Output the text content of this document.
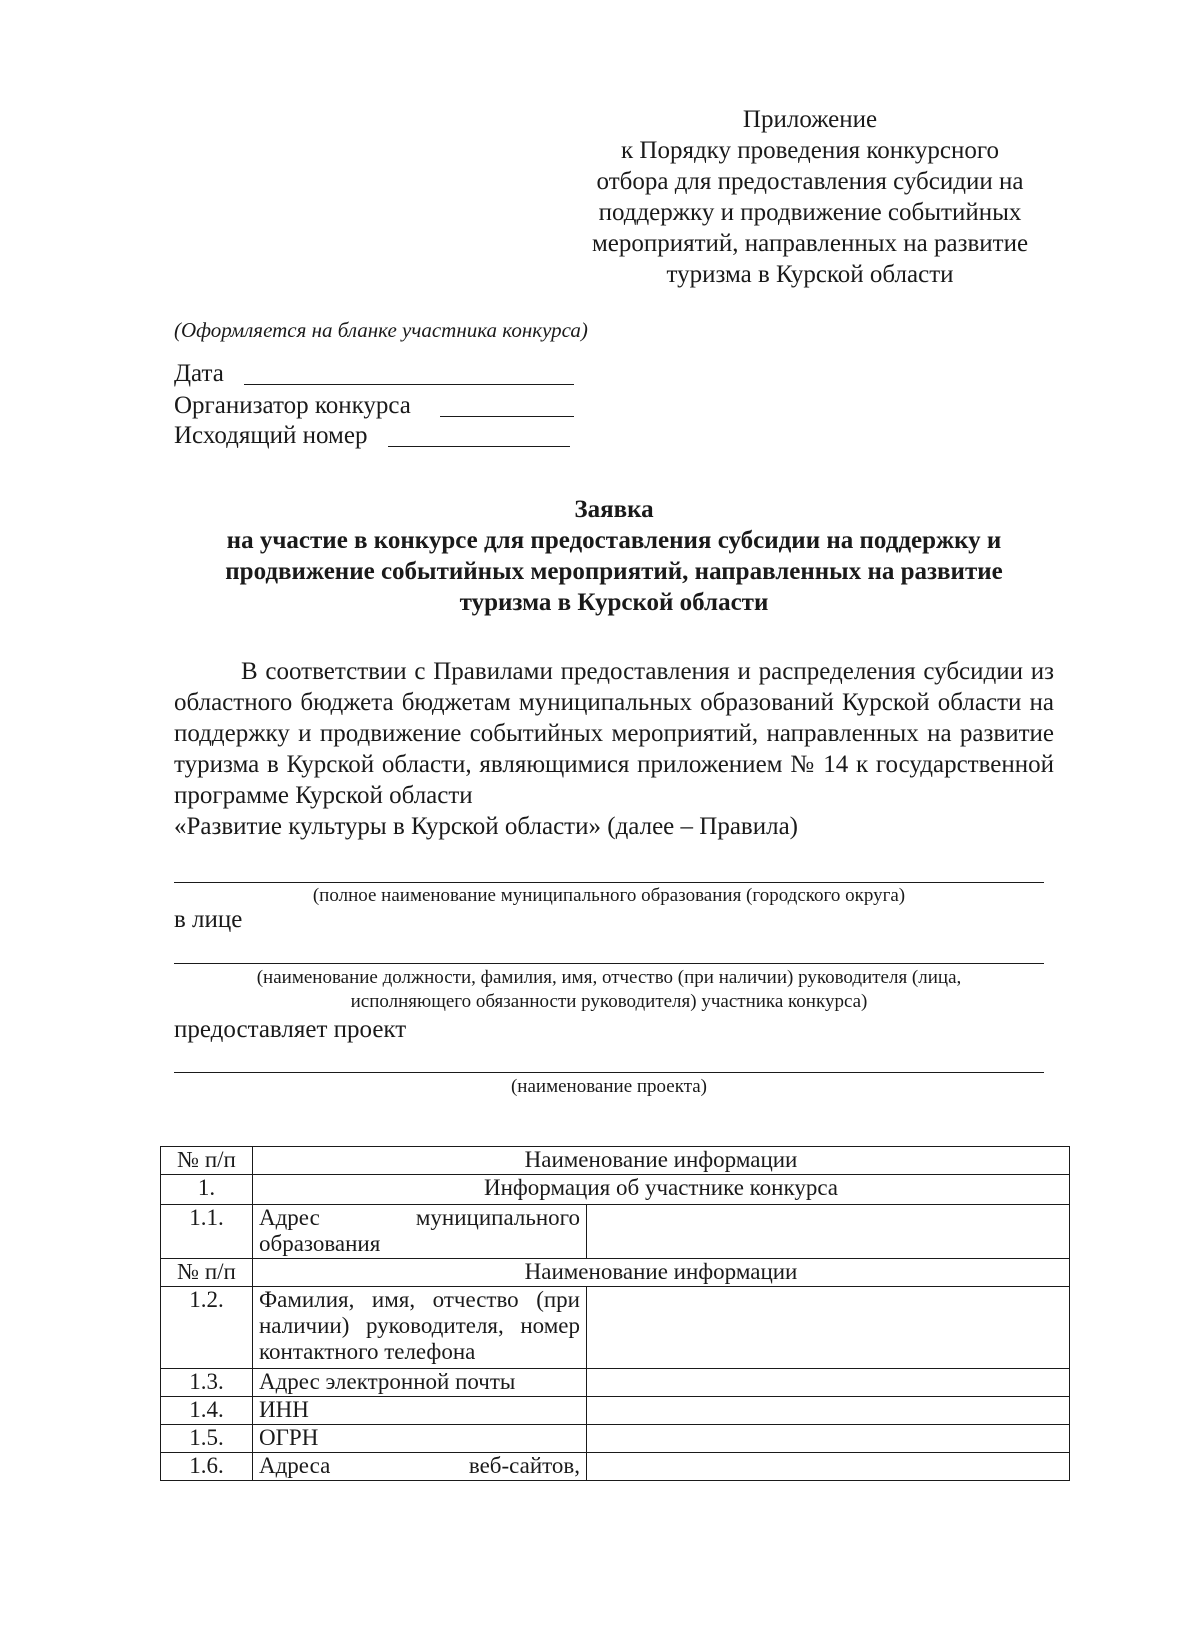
Приложение
к Порядку проведения конкурсного
отбора для предоставления субсидии на
поддержку и продвижение событийных
мероприятий, направленных на развитие
туризма в Курской области
(Оформляется на бланке участника конкурса)
Дата
Организатор конкурса
Исходящий номер
Заявка
на участие в конкурсе для предоставления субсидии на поддержку и
продвижение событийных мероприятий, направленных на развитие
туризма в Курской области
В соответствии с Правилами предоставления и распределения субсидии из областного бюджета бюджетам муниципальных образований Курской области на поддержку и продвижение событийных мероприятий, направленных на развитие туризма в Курской области, являющимися приложением № 14 к государственной программе Курской области
«Развитие культуры в Курской области» (далее – Правила)
(полное наименование муниципального образования (городского округа)
в лице
(наименование должности, фамилия, имя, отчество (при наличии) руководителя (лица,
исполняющего обязанности руководителя) участника конкурса)
предоставляет проект
(наименование проекта)
№ п/п	Наименование информации	
1.	Информация об участнике конкурса	
1.1.	Адрес муниципального образования	
№ п/п	Наименование информации	
1.2.	Фамилия, имя, отчество (при наличии) руководителя, номер контактного телефона	
1.3.	Адрес электронной почты	
1.4.	ИНН	
1.5.	ОГРН	
1.6.	Адреса веб-сайтов,	
